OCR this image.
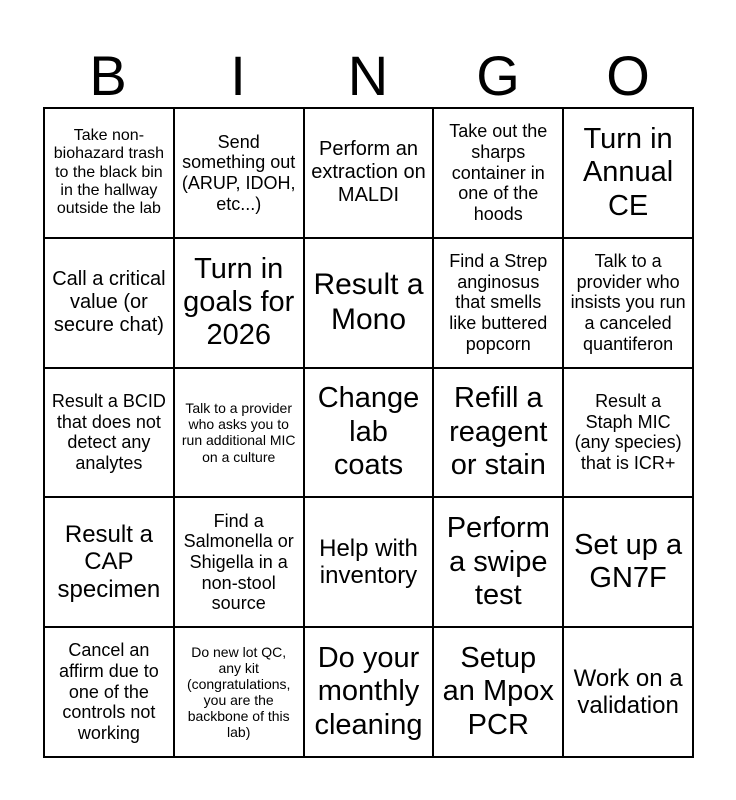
B	I	N	G	O
Take non-biohazard trash to the black bin in the hallway outside the lab
Send something out (ARUP, IDOH, etc...)
Perform an extraction on MALDI
Take out the sharps container in one of the hoods
Turn in Annual CE
Call a critical value (or secure chat)
Turn in goals for 2026
Result a Mono
Find a Strep anginosus that smells like buttered popcorn
Talk to a provider who insists you run a canceled quantiferon
Result a BCID that does not detect any analytes
Talk to a provider who asks you to run additional MIC on a culture
Change lab coats
Refill a reagent or stain
Result a Staph MIC (any species) that is ICR+
Result a CAP specimen
Find a Salmonella or Shigella in a non-stool source
Help with inventory
Perform a swipe test
Set up a GN7F
Cancel an affirm due to one of the controls not working
Do new lot QC, any kit (congratulations, you are the backbone of this lab)
Do your monthly cleaning
Setup an Mpox PCR
Work on a validation
